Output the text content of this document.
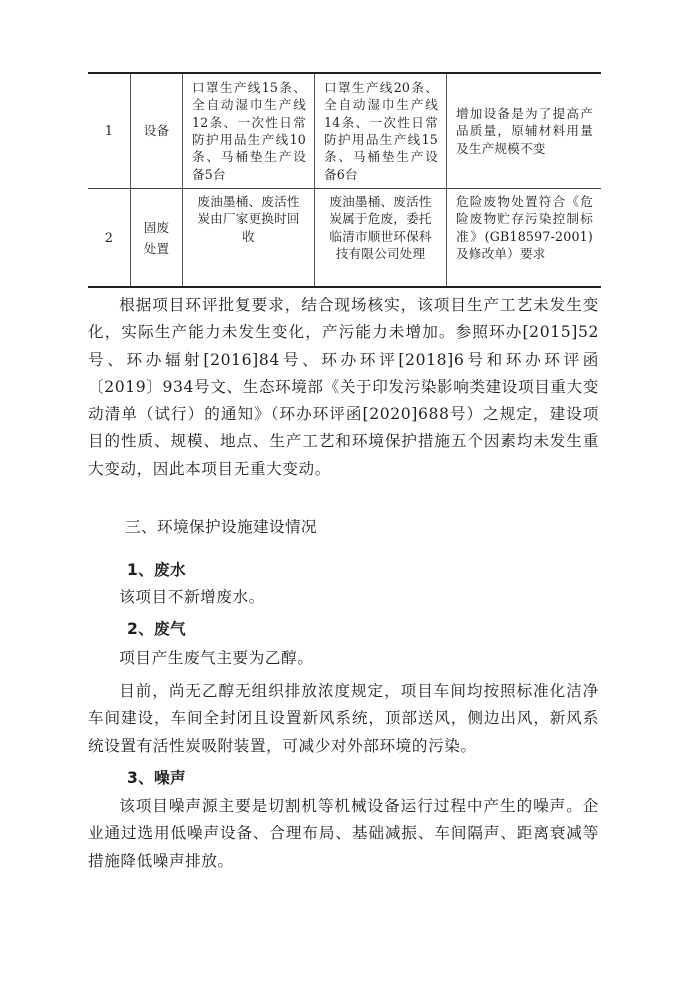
1	设备	口罩生产线15条、全自动湿巾生产线12条、一次性日常防护用品生产线10条、马桶垫生产设备5台	口罩生产线20条、全自动湿巾生产线14条、一次性日常防护用品生产线15条、马桶垫生产设备6台	增加设备是为了提高产品质量，原辅材料用量及生产规模不变

2	固废处置	废油墨桶、废活性炭由厂家更换时回收	废油墨桶、废活性炭属于危废，委托临清市顺世环保科技有限公司处理	危险废物处置符合《危险废物贮存污染控制标准》(GB18597-2001)及修改单）要求

根据项目环评批复要求，结合现场核实，该项目生产工艺未发生变化，实际生产能力未发生变化，产污能力未增加。参照环办[2015]52号、环办辐射[2016]84号、环办环评[2018]6号和环办环评函〔2019〕934号文、生态环境部《关于印发污染影响类建设项目重大变动清单（试行）的通知》（环办环评函[2020]688号）之规定，建设项目的性质、规模、地点、生产工艺和环境保护措施五个因素均未发生重大变动，因此本项目无重大变动。

三、环境保护设施建设情况

1、废水

该项目不新增废水。

2、废气

项目产生废气主要为乙醇。

目前，尚无乙醇无组织排放浓度规定，项目车间均按照标准化洁净车间建设，车间全封闭且设置新风系统，顶部送风，侧边出风，新风系统设置有活性炭吸附装置，可减少对外部环境的污染。

3、噪声

该项目噪声源主要是切割机等机械设备运行过程中产生的噪声。企业通过选用低噪声设备、合理布局、基础减振、车间隔声、距离衰减等措施降低噪声排放。
